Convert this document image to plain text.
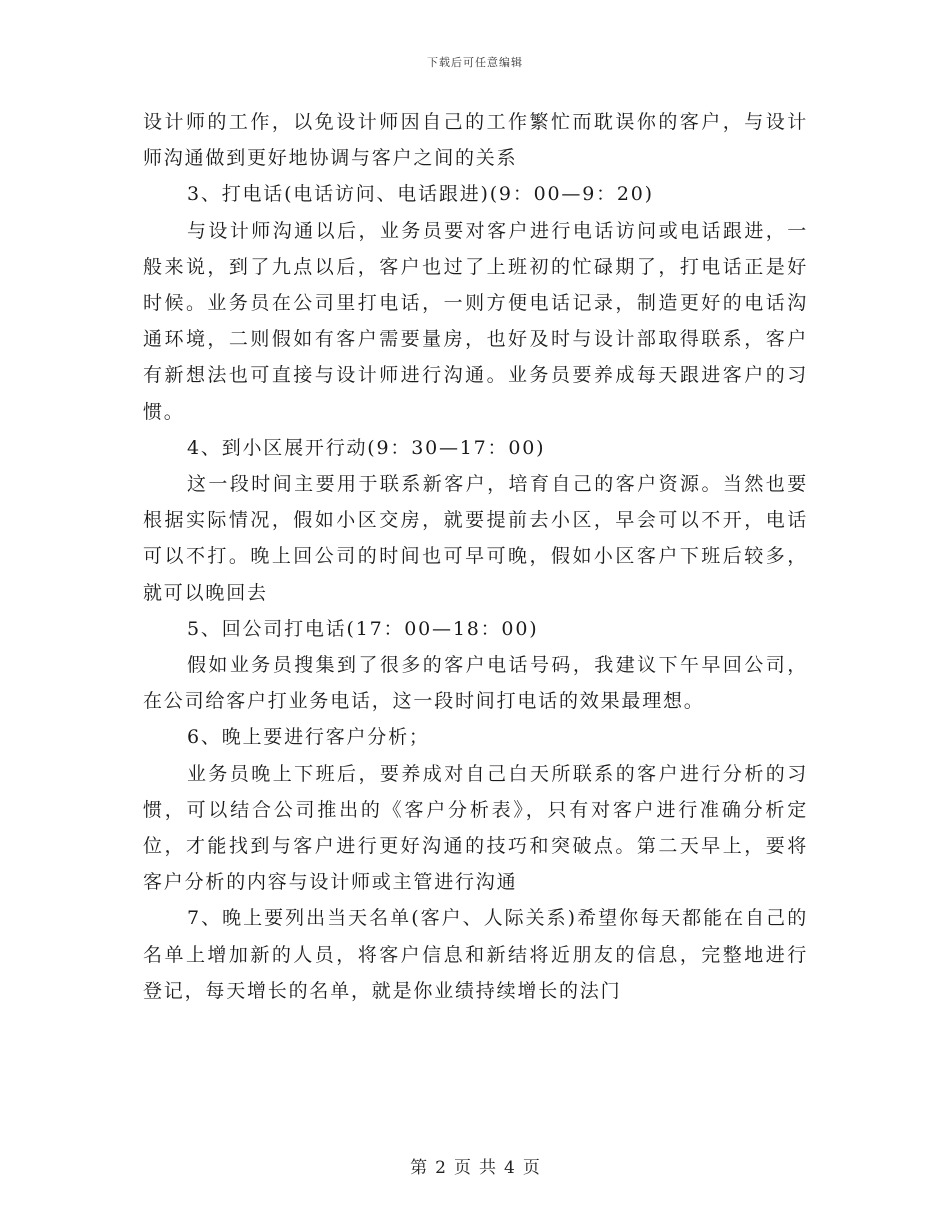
下载后可任意编辑

设计师的工作，以免设计师因自己的工作繁忙而耽误你的客户，与设计师沟通做到更好地协调与客户之间的关系

3、打电话(电话访问、电话跟进)(9：00—9：20)

与设计师沟通以后，业务员要对客户进行电话访问或电话跟进，一般来说，到了九点以后，客户也过了上班初的忙碌期了，打电话正是好时候。业务员在公司里打电话，一则方便电话记录，制造更好的电话沟通环境，二则假如有客户需要量房，也好及时与设计部取得联系，客户有新想法也可直接与设计师进行沟通。业务员要养成每天跟进客户的习惯。

4、到小区展开行动(9：30—17：00)

这一段时间主要用于联系新客户，培育自己的客户资源。当然也要根据实际情况，假如小区交房，就要提前去小区，早会可以不开，电话可以不打。晚上回公司的时间也可早可晚，假如小区客户下班后较多，就可以晚回去

5、回公司打电话(17：00—18：00)

假如业务员搜集到了很多的客户电话号码，我建议下午早回公司，在公司给客户打业务电话，这一段时间打电话的效果最理想。

6、晚上要进行客户分析；

业务员晚上下班后，要养成对自己白天所联系的客户进行分析的习惯，可以结合公司推出的《客户分析表》，只有对客户进行准确分析定位，才能找到与客户进行更好沟通的技巧和突破点。第二天早上，要将客户分析的内容与设计师或主管进行沟通

7、晚上要列出当天名单(客户、人际关系)希望你每天都能在自己的名单上增加新的人员，将客户信息和新结将近朋友的信息，完整地进行登记，每天增长的名单，就是你业绩持续增长的法门

第 2 页 共 4 页
